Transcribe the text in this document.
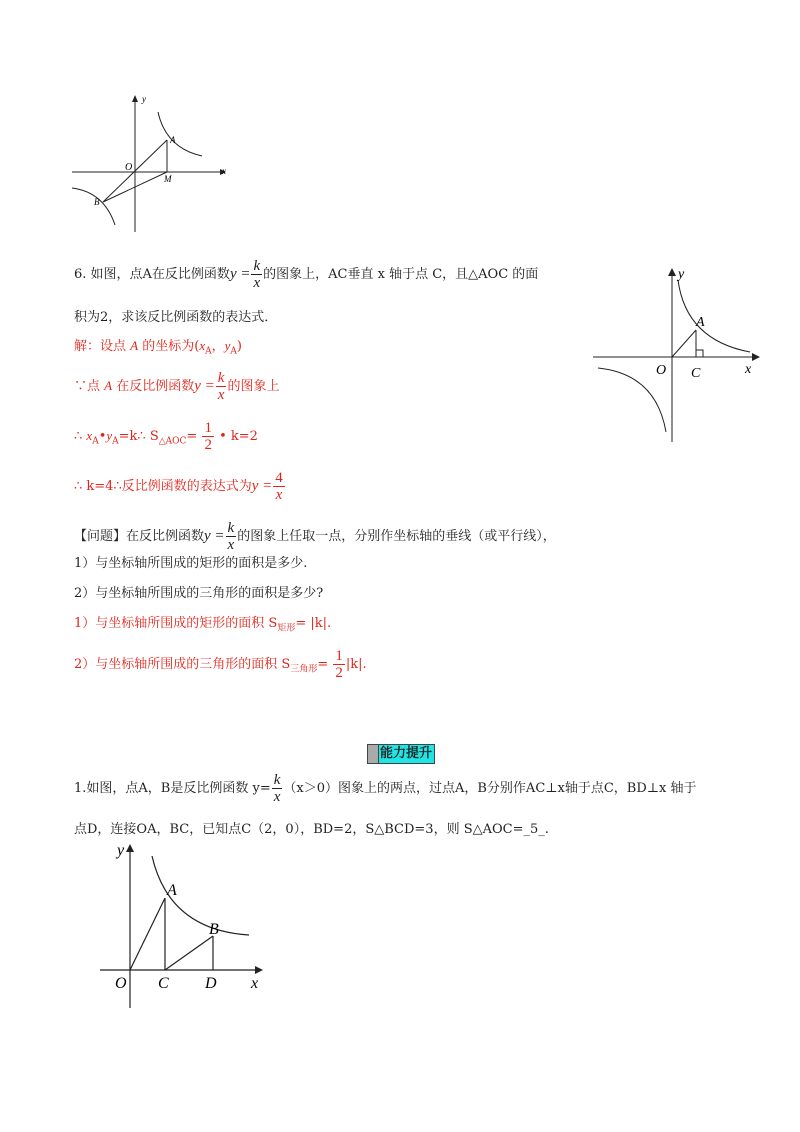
y
x
O
A
M
B
6. 如图，点A在反比例函数$y = \frac{k}{x}$ 的图象上，AC垂直 x 轴于点 C，且△AOC 的面
积为2，求该反比例函数的表达式．
解：设点 A 的坐标为($x_A$，$y_A$)
∵点 A 在反比例函数$y = \frac{k}{x}$ 的图象上
∴ $x_A•y_A=k\therefore$ $S_{\triangle AOC}= \frac{1}{2}$ • k=2
∴ k=4∴反比例函数的表达式为$y = \frac{4}{x}$
y
x
O
A
C
【问题】在反比例函数$y = \frac{k}{x}$ 的图象上任取一点，分别作坐标轴的垂线（或平行线），
1）与坐标轴所围成的矩形的面积是多少.
2）与坐标轴所围成的三角形的面积是多少?
1）与坐标轴所围成的矩形的面积 $S_{矩形}= |k|$.
2）与坐标轴所围成的三角形的面积 $S_{三角形}= \frac{1}{2} |k|$.
能力提升
1.如图，点A，B是反比例函数 $y= \frac{k}{x} (x>0)$图象上的两点，过点A，B分别作AC⊥x轴于点C，BD⊥x 轴于
点D，连接OA，BC，已知点C（2，0），BD=2，S△BCD=3，则 S△AOC=_5_.
y
x
O
A
B
C D
